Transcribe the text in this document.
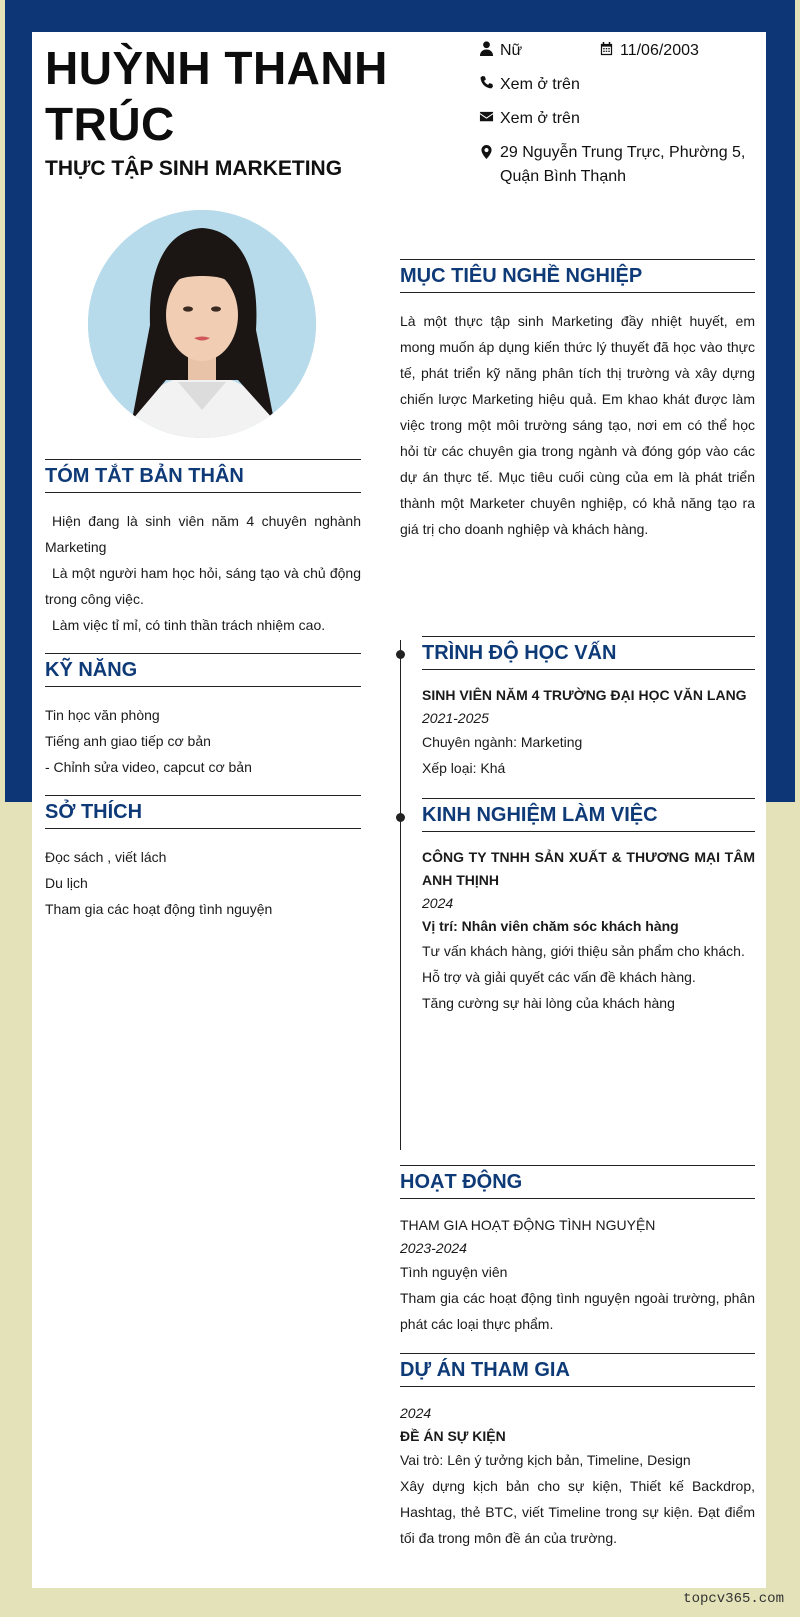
HUỲNH THANH TRÚC
THỰC TẬP SINH MARKETING
Nữ	11/06/2003
Xem ở trên
Xem ở trên
29 Nguyễn Trung Trực, Phường 5, Quận Bình Thạnh
TÓM TẮT BẢN THÂN
Hiện đang là sinh viên năm 4 chuyên nghành Marketing
Là một người ham học hỏi, sáng tạo và chủ động trong công việc.
Làm việc tỉ mỉ, có tinh thần trách nhiệm cao.
KỸ NĂNG
Tin học văn phòng
Tiếng anh giao tiếp cơ bản
- Chỉnh sửa video, capcut cơ bản
SỞ THÍCH
Đọc sách , viết lách
Du lịch
Tham gia các hoạt động tình nguyện
MỤC TIÊU NGHỀ NGHIỆP
Là một thực tập sinh Marketing đầy nhiệt huyết, em mong muốn áp dụng kiến thức lý thuyết đã học vào thực tế, phát triển kỹ năng phân tích thị trường và xây dựng chiến lược Marketing hiệu quả. Em khao khát được làm việc trong một môi trường sáng tạo, nơi em có thể học hỏi từ các chuyên gia trong ngành và đóng góp vào các dự án thực tế. Mục tiêu cuối cùng của em là phát triển thành một Marketer chuyên nghiệp, có khả năng tạo ra giá trị cho doanh nghiệp và khách hàng.
TRÌNH ĐỘ HỌC VẤN
SINH VIÊN NĂM 4 TRƯỜNG ĐẠI HỌC VĂN LANG
2021-2025
Chuyên ngành: Marketing
Xếp loại: Khá
KINH NGHIỆM LÀM VIỆC
CÔNG TY TNHH SẢN XUẤT & THƯƠNG MẠI TÂM ANH THỊNH
2024
Vị trí: Nhân viên chăm sóc khách hàng
Tư vấn khách hàng, giới thiệu sản phẩm cho khách.
Hỗ trợ và giải quyết các vấn đề khách hàng.
Tăng cường sự hài lòng của khách hàng
HOẠT ĐỘNG
THAM GIA HOẠT ĐỘNG TÌNH NGUYỆN
2023-2024
Tình nguyện viên
Tham gia các hoạt động tình nguyện ngoài trường, phân phát các loại thực phẩm.
DỰ ÁN THAM GIA
2024
ĐỀ ÁN SỰ KIỆN
Vai trò: Lên ý tưởng kịch bản, Timeline, Design
Xây dựng kịch bản cho sự kiện, Thiết kế Backdrop, Hashtag, thẻ BTC, viết Timeline trong sự kiện. Đạt điểm tối đa trong môn đề án của trường.
topcv365.com
